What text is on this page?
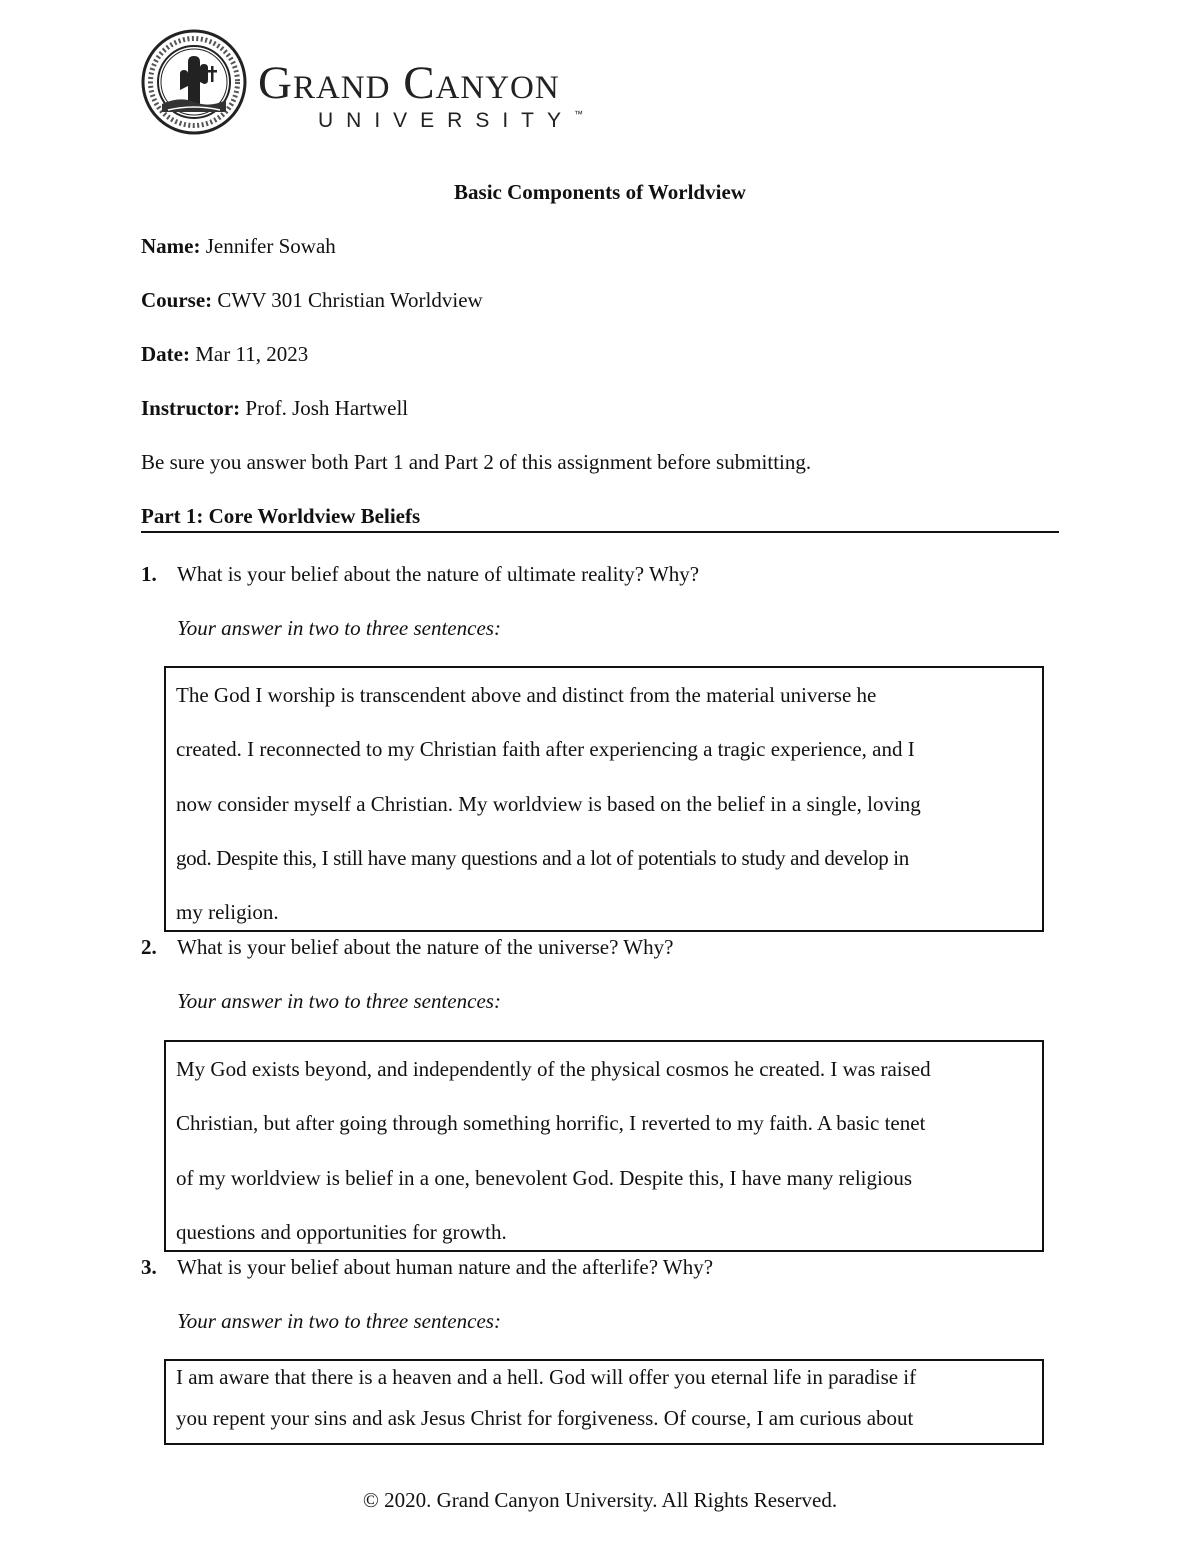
Grand Canyon
UNIVERSITY™
Basic Components of Worldview
Name: Jennifer Sowah
Course: CWV 301 Christian Worldview
Date: Mar 11, 2023
Instructor: Prof. Josh Hartwell
Be sure you answer both Part 1 and Part 2 of this assignment before submitting.
Part 1: Core Worldview Beliefs
1. What is your belief about the nature of ultimate reality? Why?
Your answer in two to three sentences:

The God I worship is transcendent above and distinct from the material universe he

created. I reconnected to my Christian faith after experiencing a tragic experience, and I

now consider myself a Christian. My worldview is based on the belief in a single, loving

god. Despite this, I still have many questions and a lot of potentials to study and develop in

my religion.

2. What is your belief about the nature of the universe? Why?
Your answer in two to three sentences:

My God exists beyond, and independently of the physical cosmos he created. I was raised

Christian, but after going through something horrific, I reverted to my faith. A basic tenet

of my worldview is belief in a one, benevolent God. Despite this, I have many religious

questions and opportunities for growth.

3. What is your belief about human nature and the afterlife? Why?
Your answer in two to three sentences:

I am aware that there is a heaven and a hell. God will offer you eternal life in paradise if

you repent your sins and ask Jesus Christ for forgiveness. Of course, I am curious about

© 2020. Grand Canyon University. All Rights Reserved.
